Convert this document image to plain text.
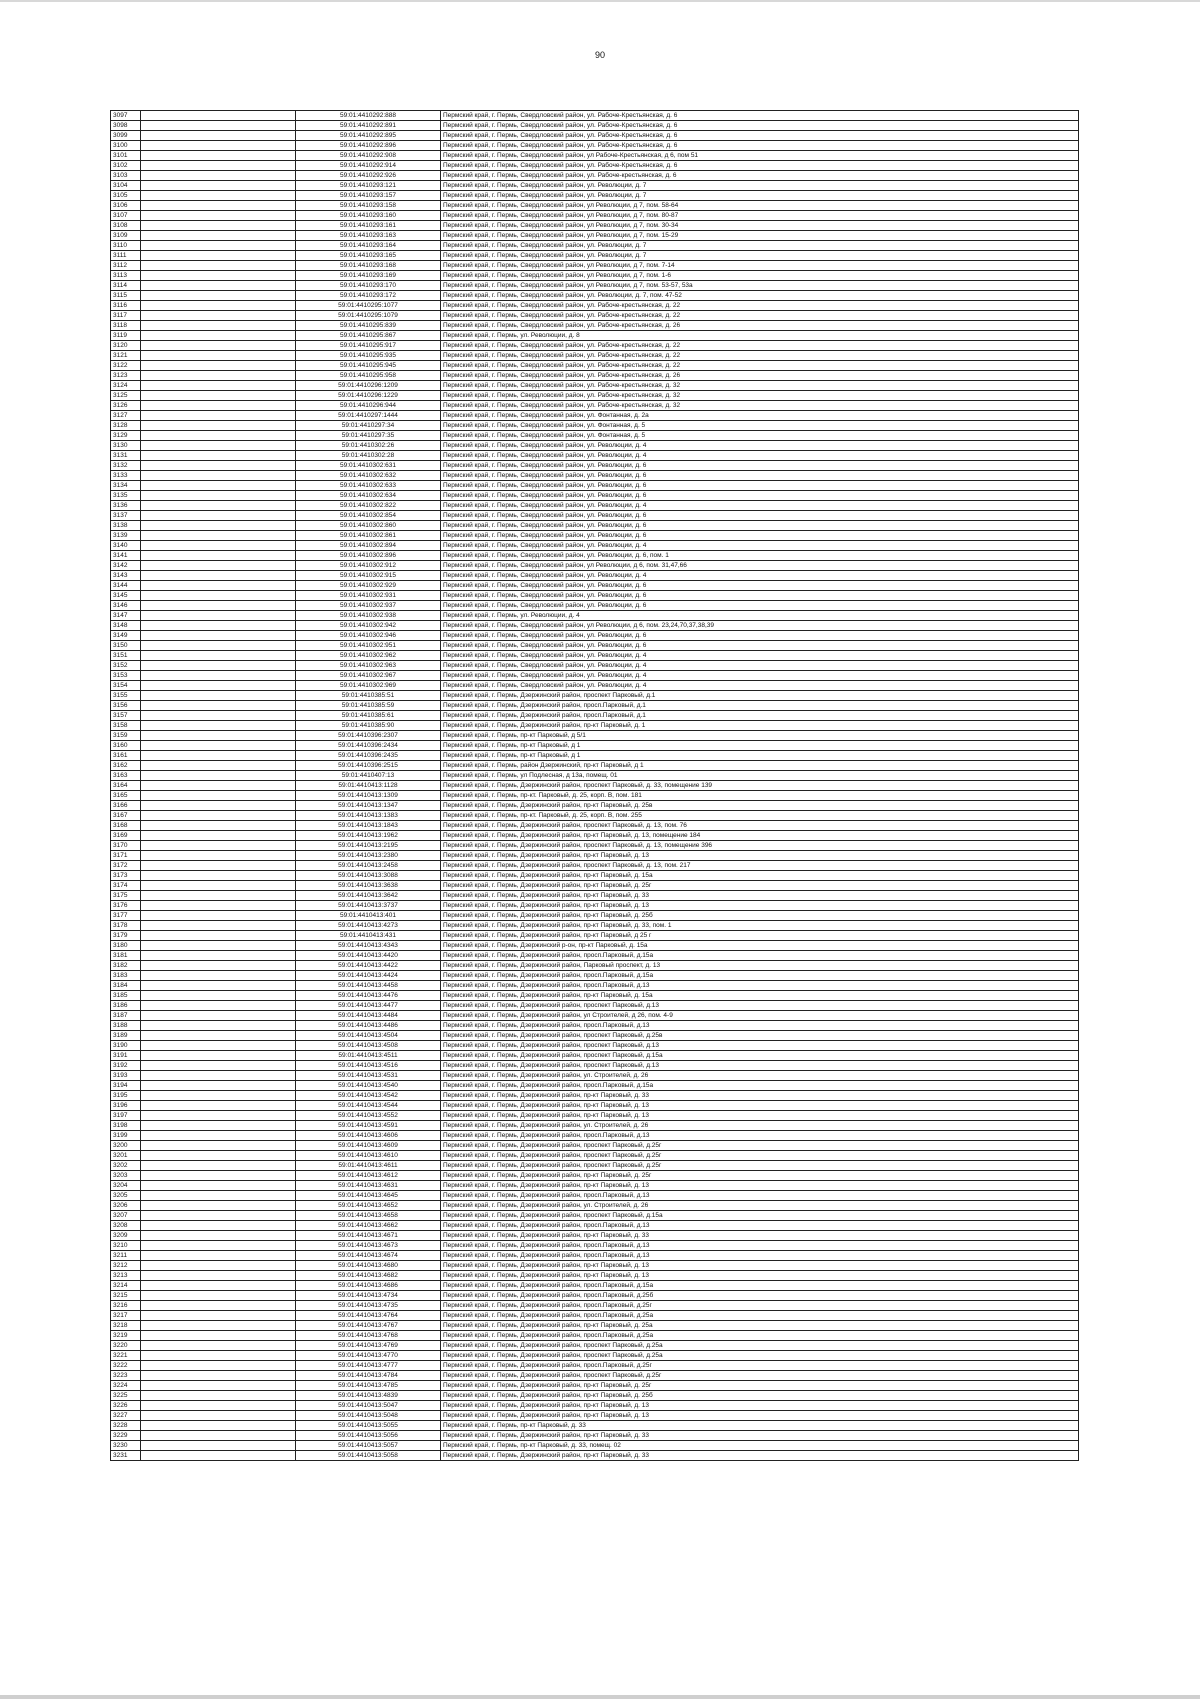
90
3097		59:01:4410292:888	Пермский край, г. Пермь, Свердловский район, ул. Рабоче-Крестьянская, д. 6
3098		59:01:4410292:891	Пермский край, г. Пермь, Свердловский район, ул. Рабоче-Крестьянская, д. 6
3099		59:01:4410292:895	Пермский край, г. Пермь, Свердловский район, ул. Рабоче-Крестьянская, д. 6
3100		59:01:4410292:896	Пермский край, г. Пермь, Свердловский район, ул. Рабоче-Крестьянская, д. 6
3101		59:01:4410292:908	Пермский край, г. Пермь, Свердловский район, ул Рабоче-Крестьянская, д 6, пом 51
3102		59:01:4410292:914	Пермский край, г. Пермь, Свердловский район, ул. Рабоче-Крестьянская, д. 6
3103		59:01:4410292:926	Пермский край, г. Пермь, Свердловский район, ул. Рабоче-крестьянская, д. 6
3104		59:01:4410293:121	Пермский край, г. Пермь, Свердловский район, ул. Революции, д. 7
3105		59:01:4410293:157	Пермский край, г. Пермь, Свердловский район, ул. Революции, д. 7
3106		59:01:4410293:158	Пермский край, г. Пермь, Свердловский район, ул Революции, д 7, пом. 58-64
3107		59:01:4410293:160	Пермский край, г. Пермь, Свердловский район, ул Революции, д 7, пом. 80-87
3108		59:01:4410293:161	Пермский край, г. Пермь, Свердловский район, ул Революции, д 7, пом. 30-34
3109		59:01:4410293:163	Пермский край, г. Пермь, Свердловский район, ул Революции, д 7, пом. 15-29
3110		59:01:4410293:164	Пермский край, г. Пермь, Свердловский район, ул. Революции, д. 7
3111		59:01:4410293:165	Пермский край, г. Пермь, Свердловский район, ул. Революции, д. 7
3112		59:01:4410293:168	Пермский край, г. Пермь, Свердловский район, ул Революции, д 7, пом. 7-14
3113		59:01:4410293:169	Пермский край, г. Пермь, Свердловский район, ул Революции, д 7, пом. 1-6
3114		59:01:4410293:170	Пермский край, г. Пермь, Свердловский район, ул Революции, д 7, пом. 53-57, 53а
3115		59:01:4410293:172	Пермский край, г. Пермь, Свердловский район, ул. Революции, д. 7, пом. 47-52
3116		59:01:4410295:1077	Пермский край, г. Пермь, Свердловский район, ул. Рабоче-крестьянская, д. 22
3117		59:01:4410295:1079	Пермский край, г. Пермь, Свердловский район, ул. Рабоче-крестьянская, д. 22
3118		59:01:4410295:839	Пермский край, г. Пермь, Свердловский район, ул. Рабоче-крестьянская, д. 26
3119		59:01:4410295:867	Пермский край, г. Пермь, ул. Революции, д. 8
3120		59:01:4410295:917	Пермский край, г. Пермь, Свердловский район, ул. Рабоче-крестьянская, д. 22
3121		59:01:4410295:935	Пермский край, г. Пермь, Свердловский район, ул. Рабоче-крестьянская, д. 22
3122		59:01:4410295:945	Пермский край, г. Пермь, Свердловский район, ул. Рабоче-крестьянская, д. 22
3123		59:01:4410295:958	Пермский край, г. Пермь, Свердловский район, ул. Рабоче-крестьянская, д. 26
3124		59:01:4410296:1209	Пермский край, г. Пермь, Свердловский район, ул. Рабоче-крестьянская, д. 32
3125		59:01:4410296:1229	Пермский край, г. Пермь, Свердловский район, ул. Рабоче-крестьянская, д. 32
3126		59:01:4410296:944	Пермский край, г. Пермь, Свердловский район, ул. Рабоче-крестьянская, д. 32
3127		59:01:4410297:1444	Пермский край, г. Пермь, Свердловский район, ул. Фонтанная, д. 2а
3128		59:01:4410297:34	Пермский край, г. Пермь, Свердловский район, ул. Фонтанная, д. 5
3129		59:01:4410297:35	Пермский край, г. Пермь, Свердловский район, ул. Фонтанная, д. 5
3130		59:01:4410302:26	Пермский край, г. Пермь, Свердловский район, ул. Революции, д. 4
3131		59:01:4410302:28	Пермский край, г. Пермь, Свердловский район, ул. Революции, д. 4
3132		59:01:4410302:631	Пермский край, г. Пермь, Свердловский район, ул. Революции, д. 6
3133		59:01:4410302:632	Пермский край, г. Пермь, Свердловский район, ул. Революции, д. 6
3134		59:01:4410302:633	Пермский край, г. Пермь, Свердловский район, ул. Революции, д. 6
3135		59:01:4410302:634	Пермский край, г. Пермь, Свердловский район, ул. Революции, д. 6
3136		59:01:4410302:822	Пермский край, г. Пермь, Свердловский район, ул. Революции, д. 4
3137		59:01:4410302:854	Пермский край, г. Пермь, Свердловский район, ул. Революции, д. 6
3138		59:01:4410302:860	Пермский край, г. Пермь, Свердловский район, ул. Революции, д. 6
3139		59:01:4410302:861	Пермский край, г. Пермь, Свердловский район, ул. Революции, д. 6
3140		59:01:4410302:894	Пермский край, г. Пермь, Свердловский район, ул. Революции, д. 4
3141		59:01:4410302:896	Пермский край, г. Пермь, Свердловский район, ул. Революции, д. 6, пом. 1
3142		59:01:4410302:912	Пермский край, г. Пермь, Свердловский район, ул Революции, д 6, пом. 31,47,66
3143		59:01:4410302:915	Пермский край, г. Пермь, Свердловский район, ул. Революции, д. 4
3144		59:01:4410302:929	Пермский край, г. Пермь, Свердловский район, ул. Революции, д. 6
3145		59:01:4410302:931	Пермский край, г. Пермь, Свердловский район, ул. Революции, д. 6
3146		59:01:4410302:937	Пермский край, г. Пермь, Свердловский район, ул. Революции, д. 6
3147		59:01:4410302:938	Пермский край, г. Пермь, ул. Революции, д. 4
3148		59:01:4410302:942	Пермский край, г. Пермь, Свердловский район, ул Революции, д 6, пом. 23,24,70,37,38,39
3149		59:01:4410302:946	Пермский край, г. Пермь, Свердловский район, ул. Революции, д. 6
3150		59:01:4410302:951	Пермский край, г. Пермь, Свердловский район, ул. Революции, д. 6
3151		59:01:4410302:962	Пермский край, г. Пермь, Свердловский район, ул. Революции, д. 4
3152		59:01:4410302:963	Пермский край, г. Пермь, Свердловский район, ул. Революции, д. 4
3153		59:01:4410302:967	Пермский край, г. Пермь, Свердловский район, ул. Революции, д. 4
3154		59:01:4410302:969	Пермский край, г. Пермь, Свердловский район, ул. Революции, д. 4
3155		59:01:4410385:51	Пермский край, г. Пермь, Дзержинский район, проспект Парковый, д.1
3156		59:01:4410385:59	Пермский край, г. Пермь, Дзержинский район, просп.Парковый, д.1
3157		59:01:4410385:61	Пермский край, г. Пермь, Дзержинский район, просп.Парковый, д.1
3158		59:01:4410385:90	Пермский край, г. Пермь, Дзержинский район, пр-кт Парковый, д. 1
3159		59:01:4410396:2307	Пермский край, г. Пермь, пр-кт Парковый, д 5/1
3160		59:01:4410396:2434	Пермский край, г. Пермь, пр-кт Парковый, д 1
3161		59:01:4410396:2435	Пермский край, г. Пермь, пр-кт Парковый, д 1
3162		59:01:4410396:2515	Пермский край, г. Пермь, район Дзержинский, пр-кт Парковый, д 1
3163		59:01:4410407:13	Пермский край, г. Пермь, ул Подлесная, д 13а, помещ. 01
3164		59:01:4410413:1128	Пермский край, г. Пермь, Дзержинский район, проспект Парковый, д. 33, помещение 139
3165		59:01:4410413:1309	Пермский край, г. Пермь, пр-кт. Парковый, д. 25, корп. В, пом. 181
3166		59:01:4410413:1347	Пермский край, г. Пермь, Дзержинский район, пр-кт Парковый, д. 25в
3167		59:01:4410413:1383	Пермский край, г. Пермь, пр-кт. Парковый, д. 25, корп. В, пом. 255
3168		59:01:4410413:1843	Пермский край, г. Пермь, Дзержинский район, проспект Парковый, д. 13, пом. 76
3169		59:01:4410413:1962	Пермский край, г. Пермь, Дзержинский район, пр-кт Парковый, д. 13, помещение 184
3170		59:01:4410413:2195	Пермский край, г. Пермь, Дзержинский район, проспект Парковый, д. 13, помещение 396
3171		59:01:4410413:2380	Пермский край, г. Пермь, Дзержинский район, пр-кт Парковый, д. 13
3172		59:01:4410413:2458	Пермский край, г. Пермь, Дзержинский район, проспект Парковый, д. 13, пом. 217
3173		59:01:4410413:3088	Пермский край, г. Пермь, Дзержинский район, пр-кт Парковый, д. 15а
3174		59:01:4410413:3638	Пермский край, г. Пермь, Дзержинский район, пр-кт Парковый, д. 25г
3175		59:01:4410413:3642	Пермский край, г. Пермь, Дзержинский район, пр-кт Парковый, д. 33
3176		59:01:4410413:3737	Пермский край, г. Пермь, Дзержинский район, пр-кт Парковый, д. 13
3177		59:01:4410413:401	Пермский край, г. Пермь, Дзержинский район, пр-кт Парковый, д. 25б
3178		59:01:4410413:4273	Пермский край, г. Пермь, Дзержинский район, пр-кт Парковый, д. 33, пом. 1
3179		59:01:4410413:431	Пермский край, г. Пермь, Дзержинский район, пр-кт Парковый, д 25 г
3180		59:01:4410413:4343	Пермский край, г. Пермь, Дзержинский р-он, пр-кт Парковый, д. 15а
3181		59:01:4410413:4420	Пермский край, г. Пермь, Дзержинский район, просп.Парковый, д.15а
3182		59:01:4410413:4422	Пермский край, г. Пермь, Дзержинский район, Парковый проспект, д. 13
3183		59:01:4410413:4424	Пермский край, г. Пермь, Дзержинский район, просп.Парковый, д.15а
3184		59:01:4410413:4458	Пермский край, г. Пермь, Дзержинский район, просп.Парковый, д.13
3185		59:01:4410413:4476	Пермский край, г. Пермь, Дзержинский район, пр-кт Парковый, д. 15а
3186		59:01:4410413:4477	Пермский край, г. Пермь, Дзержинский район, проспект Парковый, д.13
3187		59:01:4410413:4484	Пермский край, г. Пермь, Дзержинский район, ул Строителей, д 26, пом. 4-9
3188		59:01:4410413:4486	Пермский край, г. Пермь, Дзержинский район, просп.Парковый, д.13
3189		59:01:4410413:4504	Пермский край, г. Пермь, Дзержинский район, проспект Парковый, д.25в
3190		59:01:4410413:4508	Пермский край, г. Пермь, Дзержинский район, проспект Парковый, д.13
3191		59:01:4410413:4511	Пермский край, г. Пермь, Дзержинский район, проспект Парковый, д.15а
3192		59:01:4410413:4516	Пермский край, г. Пермь, Дзержинский район, проспект Парковый, д.13
3193		59:01:4410413:4531	Пермский край, г. Пермь, Дзержинский район, ул. Строителей, д. 26
3194		59:01:4410413:4540	Пермский край, г. Пермь, Дзержинский район, просп.Парковый, д.15а
3195		59:01:4410413:4542	Пермский край, г. Пермь, Дзержинский район, пр-кт Парковый, д. 33
3196		59:01:4410413:4544	Пермский край, г. Пермь, Дзержинский район, пр-кт Парковый, д. 13
3197		59:01:4410413:4552	Пермский край, г. Пермь, Дзержинский район, пр-кт Парковый, д. 13
3198		59:01:4410413:4591	Пермский край, г. Пермь, Дзержинский район, ул. Строителей, д. 26
3199		59:01:4410413:4606	Пермский край, г. Пермь, Дзержинский район, просп.Парковый, д.13
3200		59:01:4410413:4609	Пермский край, г. Пермь, Дзержинский район, проспект Парковый, д.25г
3201		59:01:4410413:4610	Пермский край, г. Пермь, Дзержинский район, проспект Парковый, д.25г
3202		59:01:4410413:4611	Пермский край, г. Пермь, Дзержинский район, проспект Парковый, д.25г
3203		59:01:4410413:4612	Пермский край, г. Пермь, Дзержинский район, пр-кт Парковый, д. 25г
3204		59:01:4410413:4631	Пермский край, г. Пермь, Дзержинский район, пр-кт Парковый, д. 13
3205		59:01:4410413:4645	Пермский край, г. Пермь, Дзержинский район, просп.Парковый, д.13
3206		59:01:4410413:4652	Пермский край, г. Пермь, Дзержинский район, ул. Строителей, д. 26
3207		59:01:4410413:4658	Пермский край, г. Пермь, Дзержинский район, проспект Парковый, д.15а
3208		59:01:4410413:4662	Пермский край, г. Пермь, Дзержинский район, просп.Парковый, д.13
3209		59:01:4410413:4671	Пермский край, г. Пермь, Дзержинский район, пр-кт Парковый, д. 33
3210		59:01:4410413:4673	Пермский край, г. Пермь, Дзержинский район, просп.Парковый, д.13
3211		59:01:4410413:4674	Пермский край, г. Пермь, Дзержинский район, просп.Парковый, д.13
3212		59:01:4410413:4680	Пермский край, г. Пермь, Дзержинский район, пр-кт Парковый, д. 13
3213		59:01:4410413:4682	Пермский край, г. Пермь, Дзержинский район, пр-кт Парковый, д. 13
3214		59:01:4410413:4686	Пермский край, г. Пермь, Дзержинский район, просп.Парковый, д.15а
3215		59:01:4410413:4734	Пермский край, г. Пермь, Дзержинский район, просп.Парковый, д.25б
3216		59:01:4410413:4735	Пермский край, г. Пермь, Дзержинский район, просп.Парковый, д.25г
3217		59:01:4410413:4764	Пермский край, г. Пермь, Дзержинский район, просп.Парковый, д.25а
3218		59:01:4410413:4767	Пермский край, г. Пермь, Дзержинский район, пр-кт Парковый, д. 25а
3219		59:01:4410413:4768	Пермский край, г. Пермь, Дзержинский район, просп.Парковый, д.25а
3220		59:01:4410413:4769	Пермский край, г. Пермь, Дзержинский район, проспект Парковый, д.25а
3221		59:01:4410413:4770	Пермский край, г. Пермь, Дзержинский район, проспект Парковый, д.25а
3222		59:01:4410413:4777	Пермский край, г. Пермь, Дзержинский район, просп.Парковый, д.25г
3223		59:01:4410413:4784	Пермский край, г. Пермь, Дзержинский район, проспект Парковый, д.25г
3224		59:01:4410413:4785	Пермский край, г. Пермь, Дзержинский район, пр-кт Парковый, д. 25г
3225		59:01:4410413:4839	Пермский край, г. Пермь, Дзержинский район, пр-кт Парковый, д. 25б
3226		59:01:4410413:5047	Пермский край, г. Пермь, Дзержинский район, пр-кт Парковый, д. 13
3227		59:01:4410413:5048	Пермский край, г. Пермь, Дзержинский район, пр-кт Парковый, д. 13
3228		59:01:4410413:5055	Пермский край, г. Пермь, пр-кт Парковый, д. 33
3229		59:01:4410413:5056	Пермский край, г. Пермь, Дзержинский район, пр-кт Парковый, д. 33
3230		59:01:4410413:5057	Пермский край, г. Пермь, пр-кт Парковый, д. 33, помещ. 02
3231		59:01:4410413:5058	Пермский край, г. Пермь, Дзержинский район, пр-кт Парковый, д. 33
